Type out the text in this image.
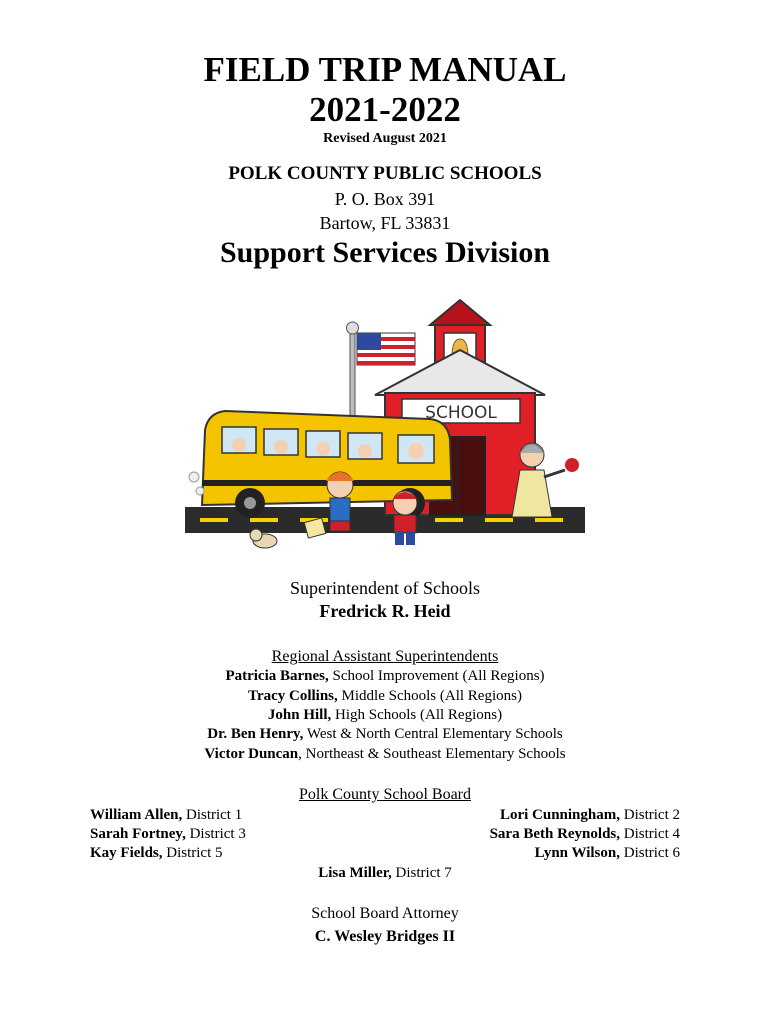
FIELD TRIP MANUAL
2021-2022
Revised August 2021
POLK COUNTY PUBLIC SCHOOLS
P. O. Box 391
Bartow, FL 33831
Support Services Division
SCHOOL
Superintendent of Schools
Fredrick R. Heid
Regional Assistant Superintendents
Patricia Barnes, School Improvement (All Regions)
Tracy Collins, Middle Schools (All Regions)
John Hill, High Schools (All Regions)
Dr. Ben Henry, West & North Central Elementary Schools
Victor Duncan, Northeast & Southeast Elementary Schools
Polk County School Board
William Allen, District 1
Sarah Fortney, District 3
Kay Fields, District 5
Lori Cunningham, District 2
Sara Beth Reynolds, District 4
Lynn Wilson, District 6
Lisa Miller, District 7
School Board Attorney
C. Wesley Bridges II
